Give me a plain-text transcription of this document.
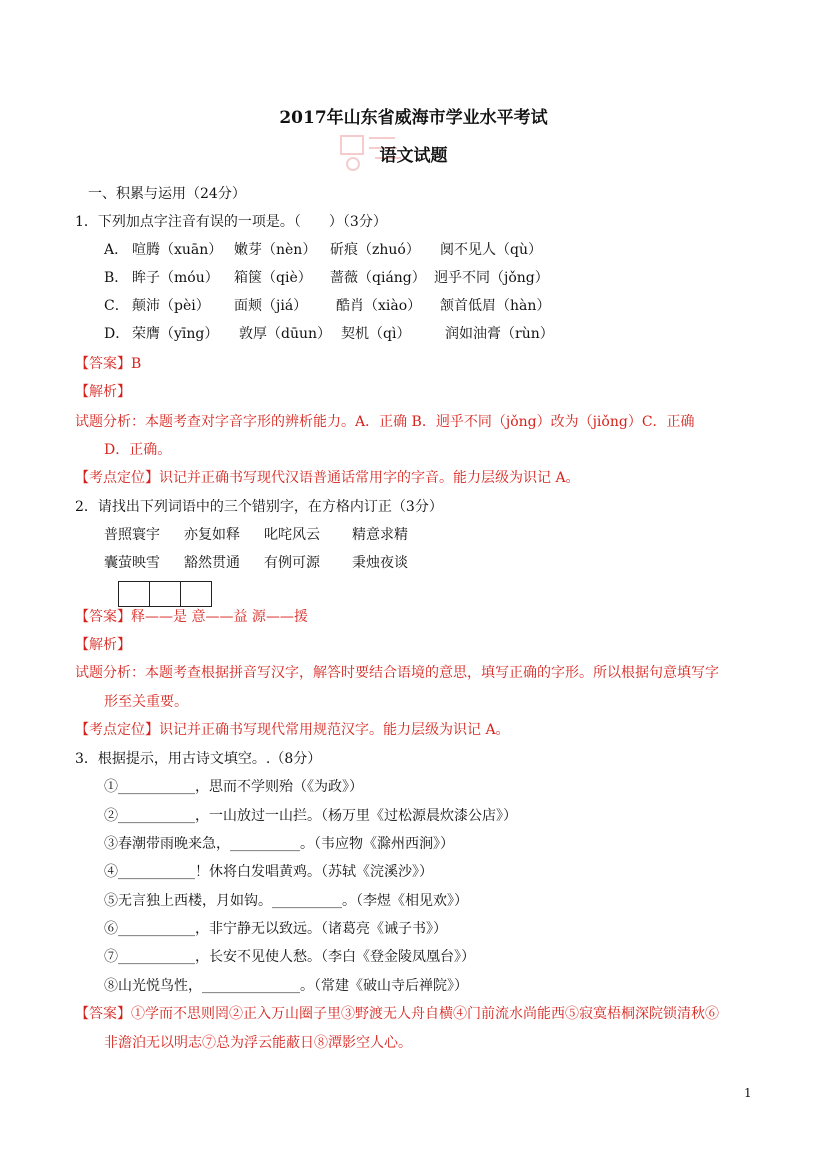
2017年山东省威海市学业水平考试
语文试题
一、积累与运用（24分）
1．下列加点字注音有误的一项是。（　　）（3分）
A． 喧腾（xuān） 嫩芽（nèn） 斫痕（zhuó） 阒不见人（qù）
B． 眸子（móu） 箱箧（qiè） 蔷薇（qiáng） 迥乎不同（jǒng）
C． 颠沛（pèi） 面颊（jiá） 酷肖（xiào） 颔首低眉（hàn）
D． 荣膺（yīng） 敦厚（dūun） 契机（qì） 润如油膏（rùn）
【答案】B
【解析】
试题分析：本题考查对字音字形的辨析能力。A．正确 B．迥乎不同（jǒng）改为（jiǒng）C．正确
D．正确。
【考点定位】识记并正确书写现代汉语普通话常用字的字音。能力层级为识记 A。
2．请找出下列词语中的三个错别字，在方格内订正（3分）
普照寰宇 亦复如释 叱咤风云 精意求精
囊萤映雪 豁然贯通 有例可源 秉烛夜谈
【答案】释——是 意——益 源——援
【解析】
试题分析：本题考查根据拼音写汉字，解答时要结合语境的意思，填写正确的字形。所以根据句意填写字
形至关重要。
【考点定位】识记并正确书写现代常用规范汉字。能力层级为识记 A。
3．根据提示，用古诗文填空。.（8分）
①___________，思而不学则殆（《为政》）
②___________，一山放过一山拦。（杨万里《过松源晨炊漆公店》）
③春潮带雨晚来急，__________。（韦应物《滁州西涧》）
④___________！休将白发唱黄鸡。（苏轼《浣溪沙》）
⑤无言独上西楼，月如钩。__________。（李煜《相见欢》）
⑥___________，非宁静无以致远。（诸葛亮《诫子书》）
⑦___________，长安不见使人愁。（李白《登金陵凤凰台》）
⑧山光悦鸟性，______________。（常建《破山寺后禅院》）
【答案】①学而不思则罔②正入万山圈子里③野渡无人舟自横④门前流水尚能西⑤寂寞梧桐深院锁清秋⑥
非澹泊无以明志⑦总为浮云能蔽日⑧潭影空人心。
1
